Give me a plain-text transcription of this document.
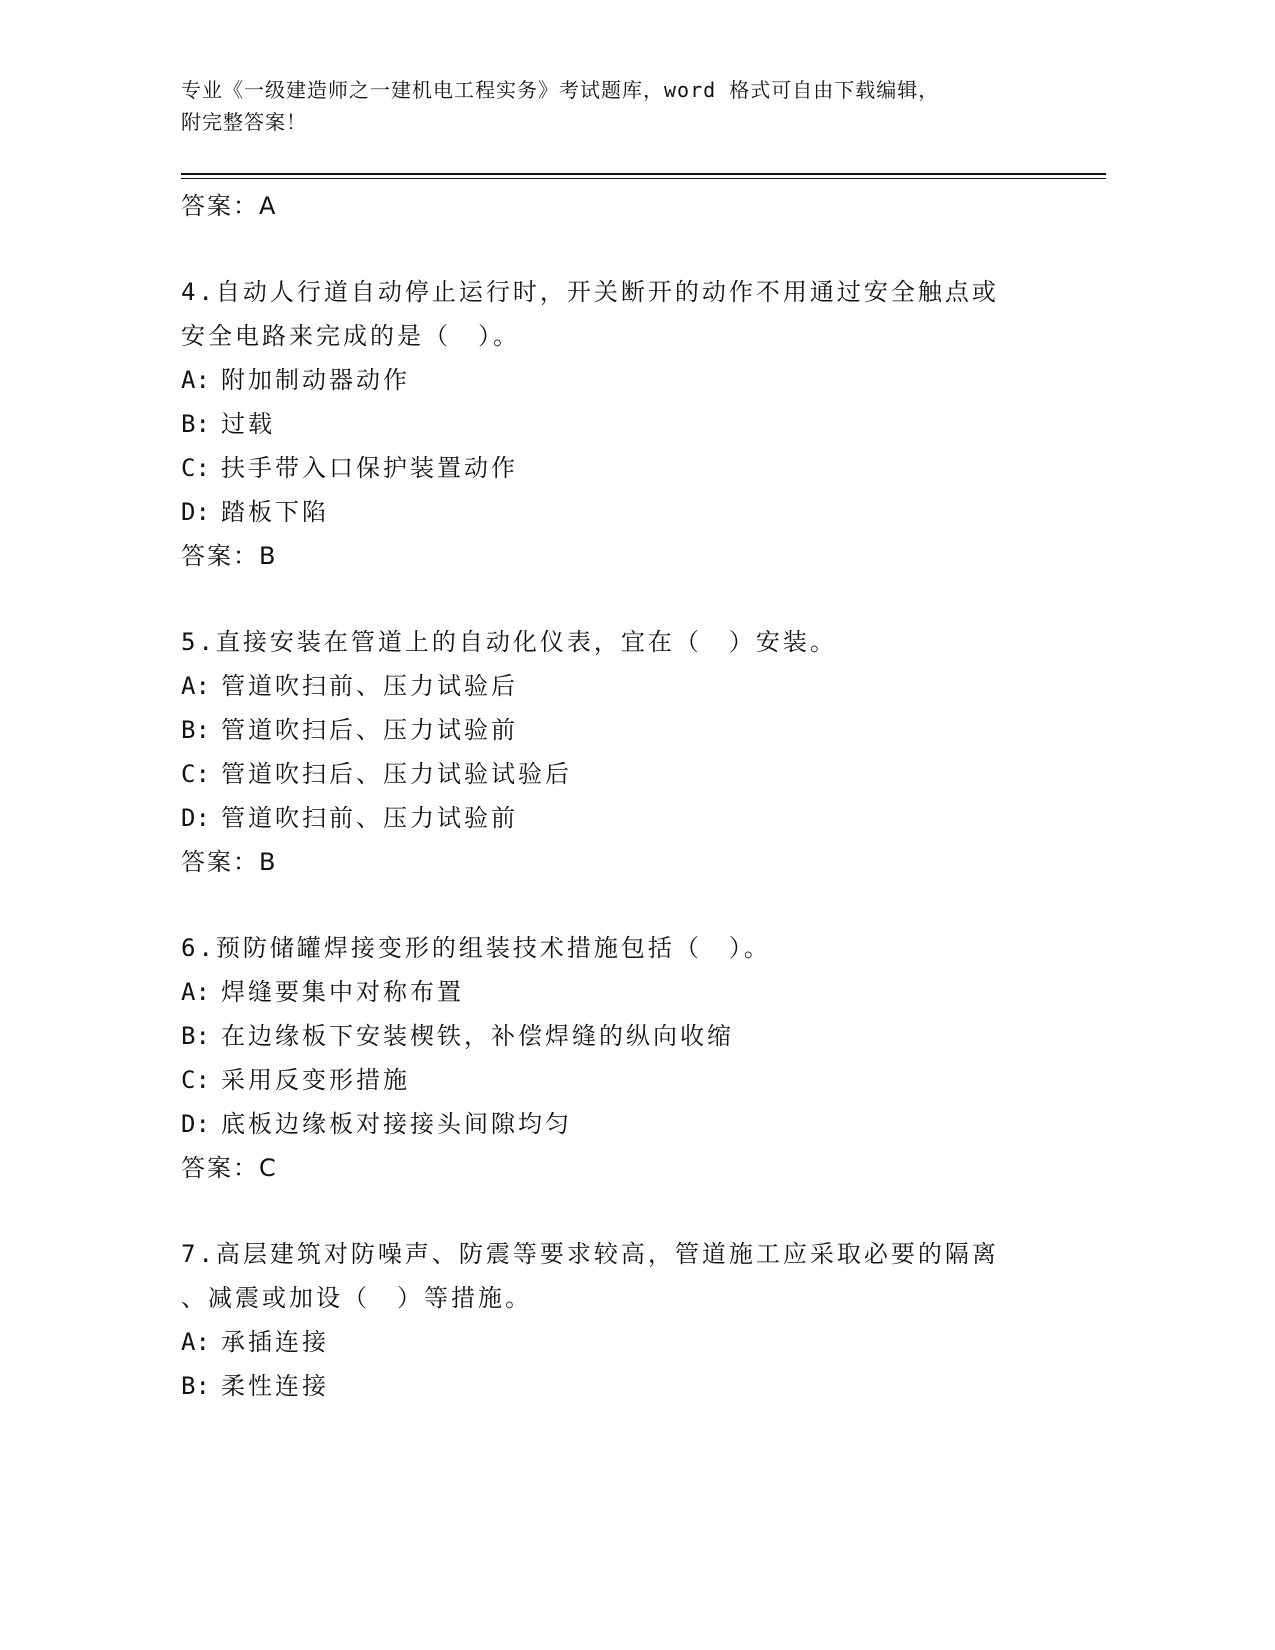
专业《一级建造师之一建机电工程实务》考试题库，word 格式可自由下载编辑，
附完整答案！
答案：A
4.自动人行道自动停止运行时，开关断开的动作不用通过安全触点或
安全电路来完成的是（　）。
A: 附加制动器动作
B: 过载
C: 扶手带入口保护装置动作
D: 踏板下陷
答案：B
5.直接安装在管道上的自动化仪表，宜在（　）安装。
A: 管道吹扫前、压力试验后
B: 管道吹扫后、压力试验前
C: 管道吹扫后、压力试验试验后
D: 管道吹扫前、压力试验前
答案：B
6.预防储罐焊接变形的组装技术措施包括（　）。
A: 焊缝要集中对称布置
B: 在边缘板下安装楔铁，补偿焊缝的纵向收缩
C: 采用反变形措施
D: 底板边缘板对接接头间隙均匀
答案：C
7.高层建筑对防噪声、防震等要求较高，管道施工应采取必要的隔离
、减震或加设（　）等措施。
A: 承插连接
B: 柔性连接
